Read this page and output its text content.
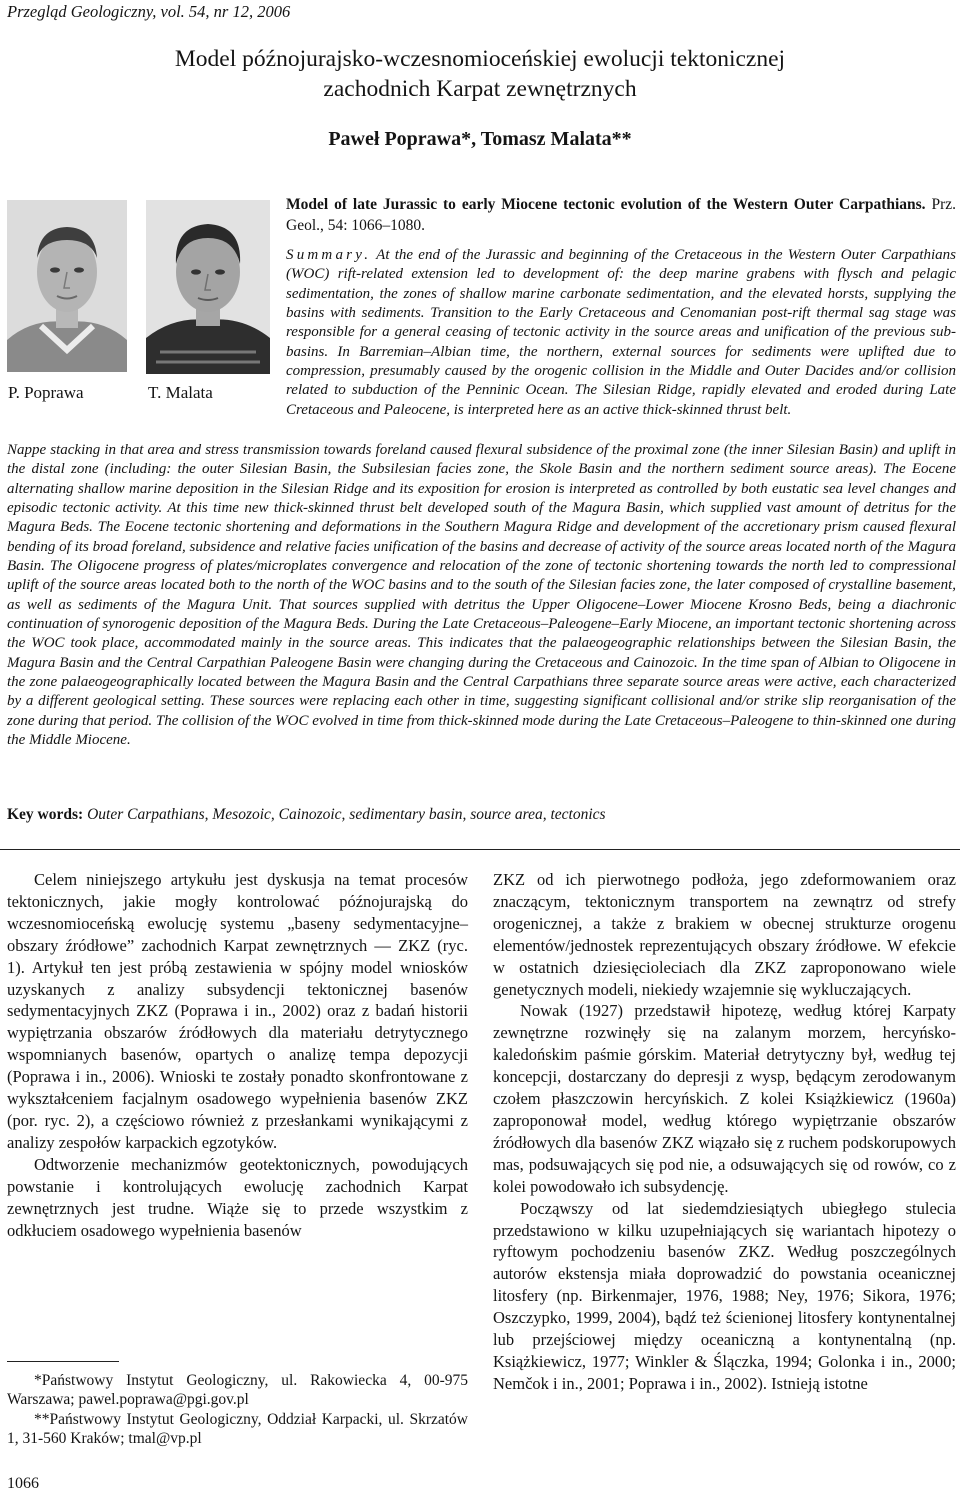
Przegląd Geologiczny, vol. 54, nr 12, 2006
Model późnojurajsko-wczesnomioceńskiej ewolucji tektonicznej
zachodnich Karpat zewnętrznych
Paweł Poprawa*, Tomasz Malata**
P. Poprawa	T. Malata
Model of late Jurassic to early Miocene tectonic evolution of the Western Outer Carpathians. Prz. Geol., 54: 1066–1080.
Summary. At the end of the Jurassic and beginning of the Cretaceous in the Western Outer Carpathians (WOC) rift-related extension led to development of: the deep marine grabens with flysch and pelagic sedimentation, the zones of shallow marine carbonate sedimentation, and the elevated horsts, supplying the basins with sediments. Transition to the Early Cretaceous and Cenomanian post-rift thermal sag stage was responsible for a general ceasing of tectonic activity in the source areas and unification of the previous sub-basins. In Barremian–Albian time, the northern, external sources for sediments were uplifted due to compression, presumably caused by the orogenic collision in the Middle and Outer Dacides and/or collision related to subduction of the Penninic Ocean. The Silesian Ridge, rapidly elevated and eroded during Late Cretaceous and Paleocene, is interpreted here as an active thick-skinned thrust belt.
Nappe stacking in that area and stress transmission towards foreland caused flexural subsidence of the proximal zone (the inner Silesian Basin) and uplift in the distal zone (including: the outer Silesian Basin, the Subsilesian facies zone, the Skole Basin and the northern sediment source areas). The Eocene alternating shallow marine deposition in the Silesian Ridge and its exposition for erosion is interpreted as controlled by both eustatic sea level changes and episodic tectonic activity. At this time new thick-skinned thrust belt developed south of the Magura Basin, which supplied vast amount of detritus for the Magura Beds. The Eocene tectonic shortening and deformations in the Southern Magura Ridge and development of the accretionary prism caused flexural bending of its broad foreland, subsidence and relative facies unification of the basins and decrease of activity of the source areas located north of the Magura Basin. The Oligocene progress of plates/microplates convergence and relocation of the zone of tectonic shortening towards the north led to compressional uplift of the source areas located both to the north of the WOC basins and to the south of the Silesian facies zone, the later composed of crystalline basement, as well as sediments of the Magura Unit. That sources supplied with detritus the Upper Oligocene–Lower Miocene Krosno Beds, being a diachronic continuation of synorogenic deposition of the Magura Beds. During the Late Cretaceous–Paleogene–Early Miocene, an important tectonic shortening across the WOC took place, accommodated mainly in the source areas. This indicates that the palaeogeographic relationships between the Silesian Basin, the Magura Basin and the Central Carpathian Paleogene Basin were changing during the Cretaceous and Cainozoic. In the time span of Albian to Oligocene in the zone palaeogeographically located between the Magura Basin and the Central Carpathians three separate source areas were active, each characterized by a different geological setting. These sources were replacing each other in time, suggesting significant collisional and/or strike slip reorganisation of the zone during that period. The collision of the WOC evolved in time from thick-skinned mode during the Late Cretaceous–Paleogene to thin-skinned one during the Middle Miocene.
Key words: Outer Carpathians, Mesozoic, Cainozoic, sedimentary basin, source area, tectonics

Celem niniejszego artykułu jest dyskusja na temat procesów tektonicznych, jakie mogły kontrolować późnojurajską do wczesnomioceńską ewolucję systemu „baseny sedymentacyjne–obszary źródłowe” zachodnich Karpat zewnętrznych — ZKZ (ryc. 1). Artykuł ten jest próbą zestawienia w spójny model wniosków uzyskanych z analizy subsydencji tektonicznej basenów sedymentacyjnych ZKZ (Poprawa i in., 2002) oraz z badań historii wypiętrzania obszarów źródłowych dla materiału detrytycznego wspomnianych basenów, opartych o analizę tempa depozycji (Poprawa i in., 2006). Wnioski te zostały ponadto skonfrontowane z wykształceniem facjalnym osadowego wypełnienia basenów ZKZ (por. ryc. 2), a częściowo również z przesłankami wynikającymi z analizy zespołów karpackich egzotyków.

Odtworzenie mechanizmów geotektonicznych, powodujących powstanie i kontrolujących ewolucję zachodnich Karpat zewnętrznych jest trudne. Wiąże się to przede wszystkim z odkłuciem osadowego wypełnienia basenów

*Państwowy Instytut Geologiczny, ul. Rakowiecka 4, 00-975 Warszawa; pawel.poprawa@pgi.gov.pl

**Państwowy Instytut Geologiczny, Oddział Karpacki, ul. Skrzatów 1, 31-560 Kraków; tmal@vp.pl

ZKZ od ich pierwotnego podłoża, jego zdeformowaniem oraz znaczącym, tektonicznym transportem na zewnątrz od strefy orogenicznej, a także z brakiem w obecnej strukturze orogenu elementów/jednostek reprezentujących obszary źródłowe. W efekcie w ostatnich dziesięcioleciach dla ZKZ zaproponowano wiele genetycznych modeli, niekiedy wzajemnie się wykluczających.

Nowak (1927) przedstawił hipotezę, według której Karpaty zewnętrzne rozwinęły się na zalanym morzem, hercyńsko-kaledońskim paśmie górskim. Materiał detrytyczny był, według tej koncepcji, dostarczany do depresji z wysp, będącym zerodowanym czołem płaszczowin hercyńskich. Z kolei Książkiewicz (1960a) zaproponował model, według którego wypiętrzanie obszarów źródłowych dla basenów ZKZ wiązało się z ruchem podskorupowych mas, podsuwających się pod nie, a odsuwających się od rowów, co z kolei powodowało ich subsydencję.

Począwszy od lat siedemdziesiątych ubiegłego stulecia przedstawiono w kilku uzupełniających się wariantach hipotezy o ryftowym pochodzeniu basenów ZKZ. Według poszczególnych autorów ekstensja miała doprowadzić do powstania oceanicznej litosfery (np. Birkenmajer, 1976, 1988; Ney, 1976; Sikora, 1976; Oszczypko, 1999, 2004), bądź też ścienionej litosfery kontynentalnej lub przejściowej między oceaniczną a kontynentalną (np. Książkiewicz, 1977; Winkler & Ślączka, 1994; Golonka i in., 2000; Nemčok i in., 2001; Poprawa i in., 2002). Istnieją istotne

1066
